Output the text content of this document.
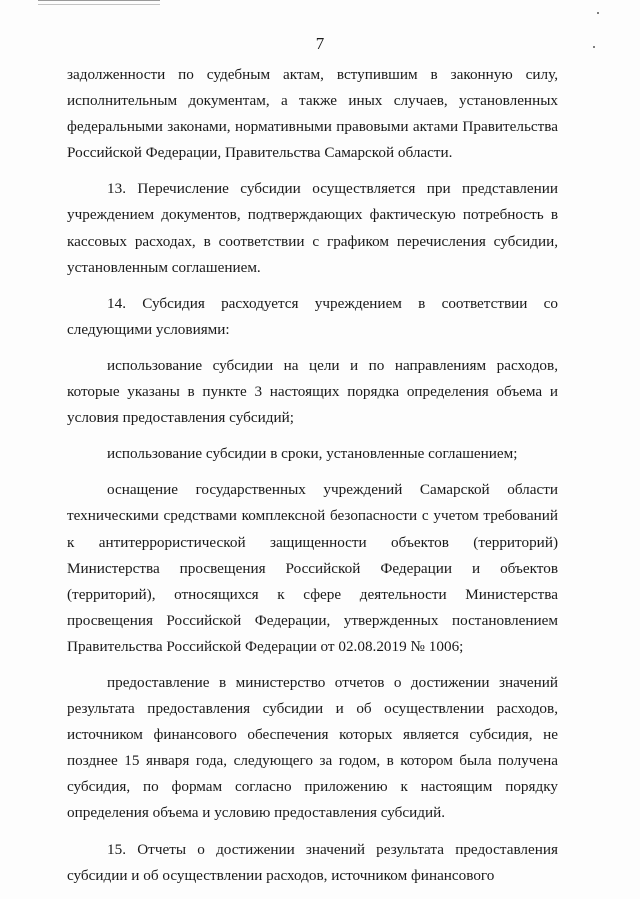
7

задолженности по судебным актам, вступившим в законную силу, исполнительным документам, а также иных случаев, установленных федеральными законами, нормативными правовыми актами Правительства Российской Федерации, Правительства Самарской области.

13. Перечисление субсидии осуществляется при представлении учреждением документов, подтверждающих фактическую потребность в кассовых расходах, в соответствии с графиком перечисления субсидии, установленным соглашением.

14. Субсидия расходуется учреждением в соответствии со следующими условиями:

использование субсидии на цели и по направлениям расходов, которые указаны в пункте 3 настоящих порядка определения объема и условия предоставления субсидий;

использование субсидии в сроки, установленные соглашением;

оснащение государственных учреждений Самарской области техническими средствами комплексной безопасности с учетом требований к антитеррористической защищенности объектов (территорий) Министерства просвещения Российской Федерации и объектов (территорий), относящихся к сфере деятельности Министерства просвещения Российской Федерации, утвержденных постановлением Правительства Российской Федерации от 02.08.2019 № 1006;

предоставление в министерство отчетов о достижении значений результата предоставления субсидии и об осуществлении расходов, источником финансового обеспечения которых является субсидия, не позднее 15 января года, следующего за годом, в котором была получена субсидия, по формам согласно приложению к настоящим порядку определения объема и условию предоставления субсидий.

15. Отчеты о достижении значений результата предоставления субсидии и об осуществлении расходов, источником финансового
